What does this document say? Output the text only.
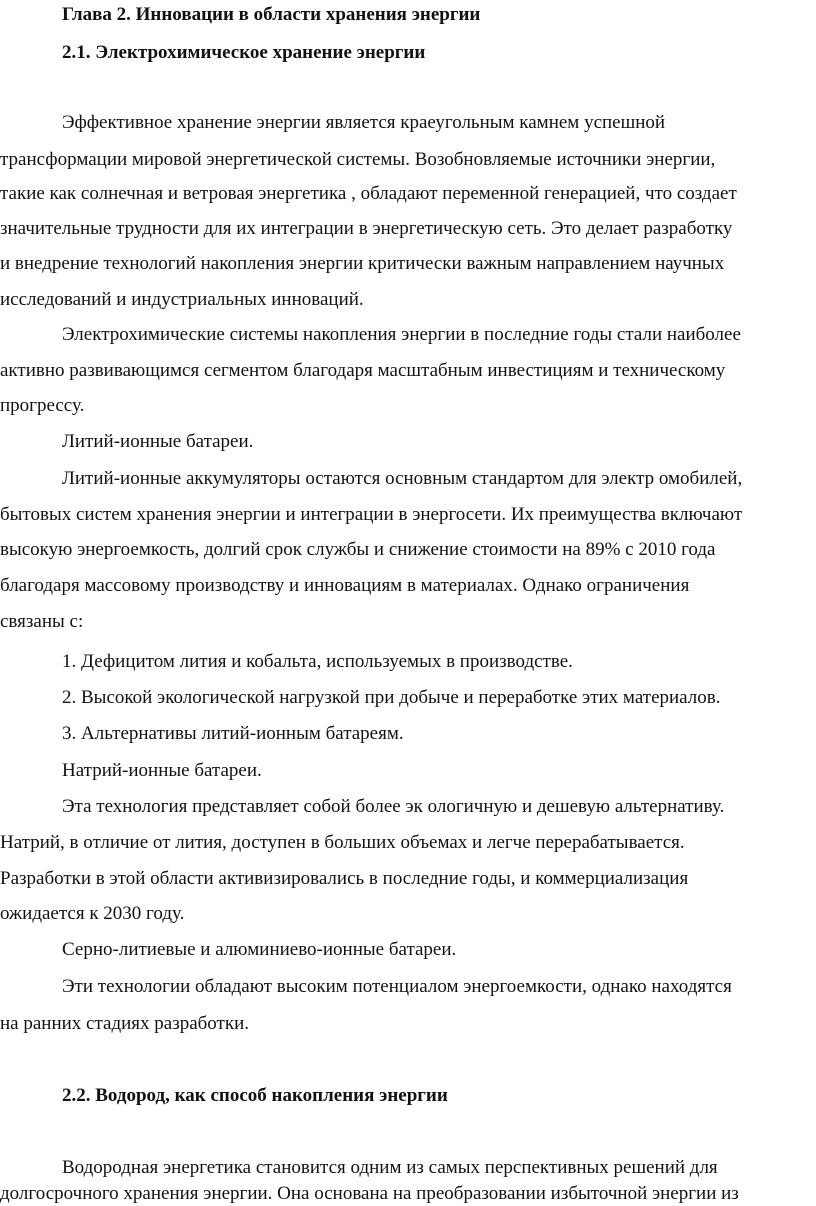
Глава 2. Инновации в области хранения энергии
2.1. Электрохимическое хранение энергии
Эффективное хранение энергии является краеугольным камнем успешной
трансформации мировой энергетической системы. Возобновляемые источники энергии,
такие как солнечная и ветровая энергетика , обладают переменной генерацией, что создает
значительные трудности для их интеграции в энергетическую сеть. Это делает разработку
и внедрение технологий накопления энергии критически важным направлением научных
исследований и индустриальных инноваций.
Электрохимические системы накопления энергии в последние годы стали наиболее
активно развивающимся сегментом благодаря масштабным инвестициям и техническому
прогрессу.
Литий-ионные батареи.
Литий-ионные аккумуляторы остаются основным стандартом для электр омобилей,
бытовых систем хранения энергии и интеграции в энергосети. Их преимущества включают
высокую энергоемкость, долгий срок службы и снижение стоимости на 89% с 2010 года
благодаря массовому производству и инновациям в материалах. Однако ограничения
связаны с:
1. Дефицитом лития и кобальта, используемых в производстве.
2. Высокой экологической нагрузкой при добыче и переработке этих материалов.
3. Альтернативы литий-ионным батареям.
Натрий-ионные батареи.
Эта технология представляет собой более эк ологичную и дешевую альтернативу.
Натрий, в отличие от лития, доступен в больших объемах и легче перерабатывается.
Разработки в этой области активизировались в последние годы, и коммерциализация
ожидается к 2030 году.
Серно-литиевые и алюминиево-ионные батареи.
Эти технологии обладают высоким потенциалом энергоемкости, однако находятся
на ранних стадиях разработки.
2.2. Водород, как способ накопления энергии
Водородная энергетика становится одним из самых перспективных решений для
долгосрочного хранения энергии. Она основана на преобразовании избыточной энергии из
